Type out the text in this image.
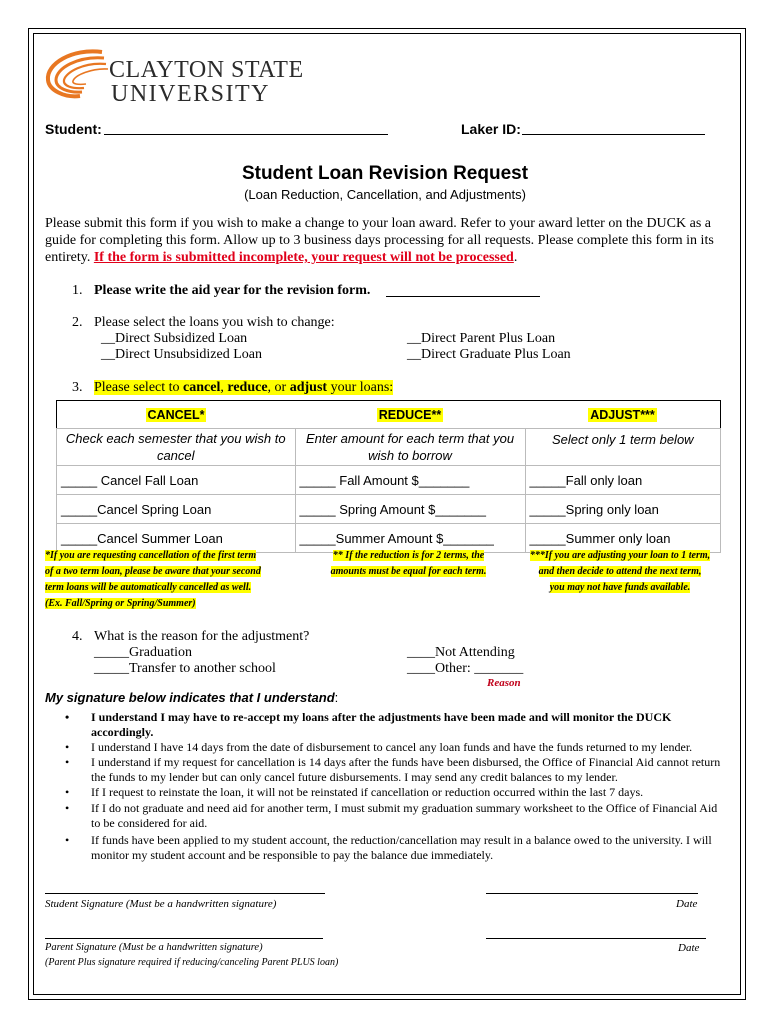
CLAYTON STATE
UNIVERSITY
Student:	Laker ID:
Student Loan Revision Request
(Loan Reduction, Cancellation, and Adjustments)

Please submit this form if you wish to make a change to your loan award. Refer to your award letter on the DUCK as a guide for completing this form. Allow up to 3 business days processing for all requests. Please complete this form in its entirety. If the form is submitted incomplete, your request will not be processed.

1. Please write the aid year for the revision form.
2. Please select the loans you wish to change:
__Direct Subsidized Loan
__Direct Unsubsidized Loan
__Direct Parent Plus Loan
__Direct Graduate Plus Loan
3. Please select to cancel, reduce, or adjust your loans:
CANCEL*	REDUCE**	ADJUST***
Check each semester that you wish to cancel	Enter amount for each term that you wish to borrow	Select only 1 term below
_____ Cancel Fall Loan	_____ Fall Amount $_______	_____Fall only loan
_____Cancel Spring Loan	_____ Spring Amount $_______	_____Spring only loan
_____Cancel Summer Loan	_____Summer Amount $_______	_____Summer only loan
*If you are requesting cancellation of the first term
of a two term loan, please be aware that your second
term loans will be automatically cancelled as well.
(Ex. Fall/Spring or Spring/Summer)
** If the reduction is for 2 terms, the
amounts must be equal for each term.
***If you are adjusting your loan to 1 term,
and then decide to attend the next term,
you may not have funds available.
4. What is the reason for the adjustment?
_____Graduation
_____Transfer to another school
____Not Attending
____Other: _______
Reason
My signature below indicates that I understand:
• I understand I may have to re-accept my loans after the adjustments have been made and will monitor the DUCK accordingly.
• I understand I have 14 days from the date of disbursement to cancel any loan funds and have the funds returned to my lender.
• I understand if my request for cancellation is 14 days after the funds have been disbursed, the Office of Financial Aid cannot return the funds to my lender but can only cancel future disbursements. I may send any credit balances to my lender.
• If I request to reinstate the loan, it will not be reinstated if cancellation or reduction occurred within the last 7 days.
• If I do not graduate and need aid for another term, I must submit my graduation summary worksheet to the Office of Financial Aid to be considered for aid.
• If funds have been applied to my student account, the reduction/cancellation may result in a balance owed to the university. I will monitor my student account and be responsible to pay the balance due immediately.
Student Signature (Must be a handwritten signature)	Date
Parent Signature (Must be a handwritten signature)
(Parent Plus signature required if reducing/canceling Parent PLUS loan)
Date
